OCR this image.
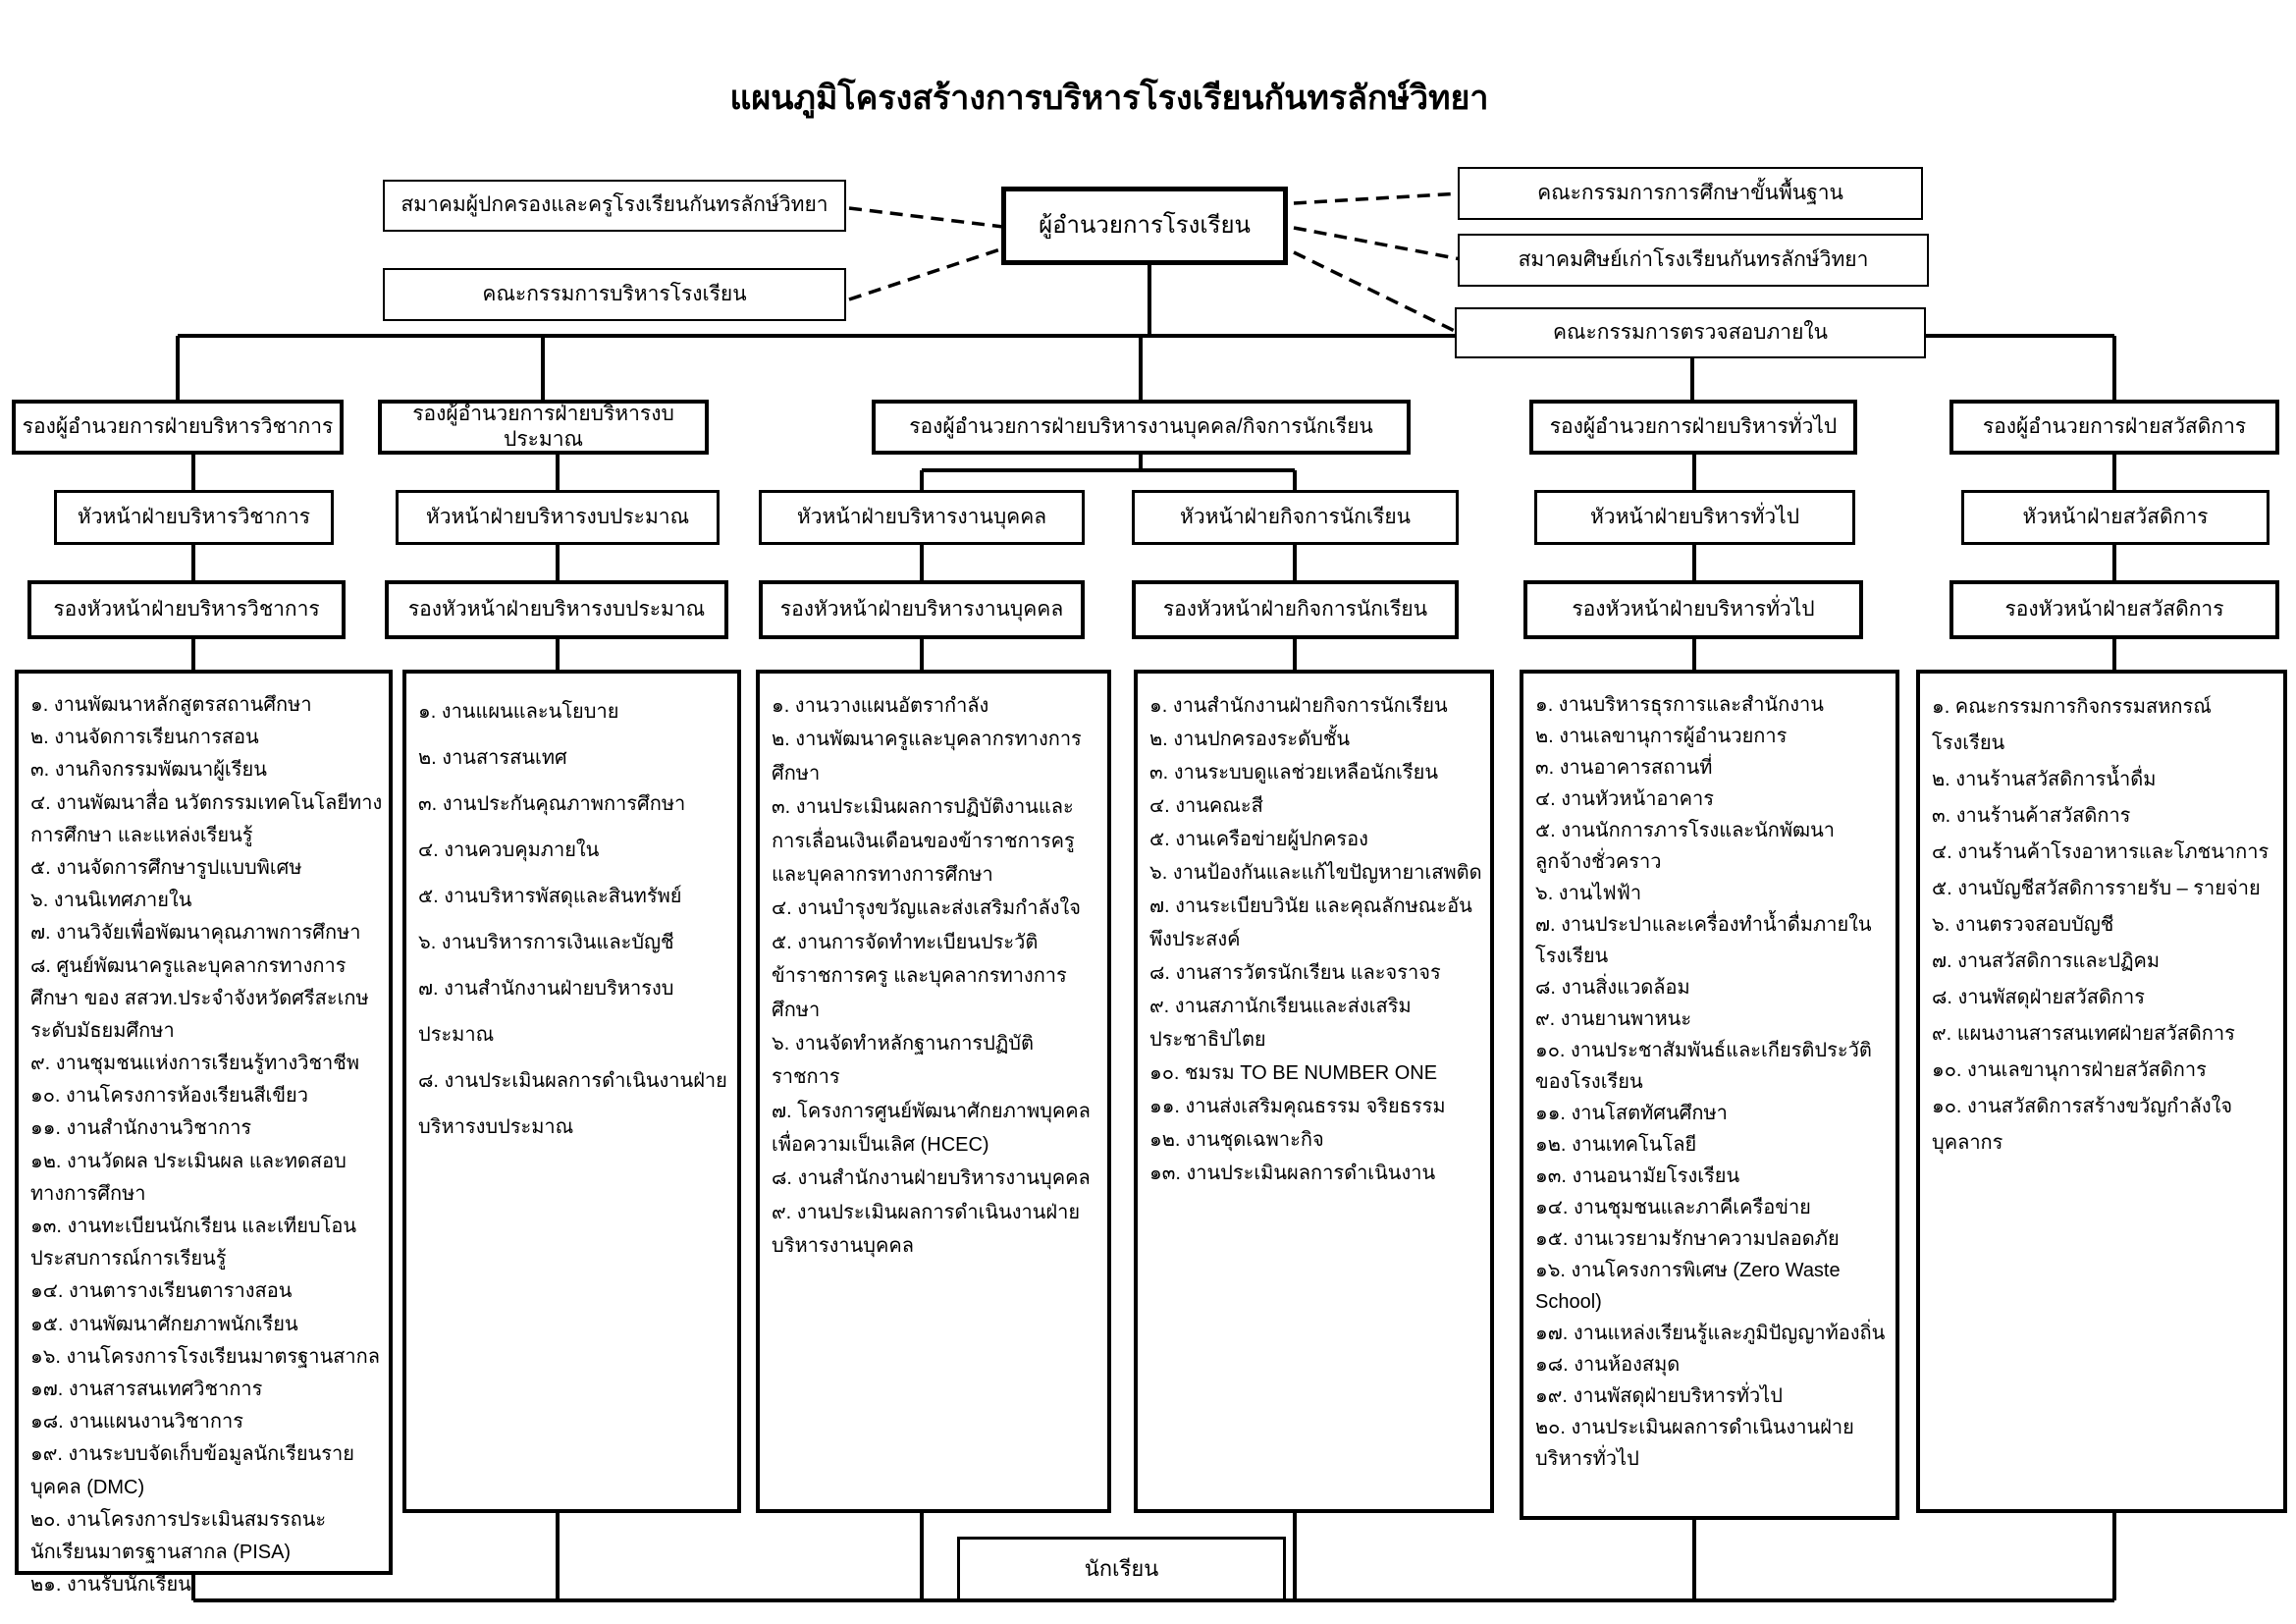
แผนภูมิโครงสร้างการบริหารโรงเรียนกันทรลักษ์วิทยา
สมาคมผู้ปกครองและครูโรงเรียนกันทรลักษ์วิทยา
คณะกรรมการบริหารโรงเรียน
ผู้อำนวยการโรงเรียน
คณะกรรมการการศึกษาขั้นพื้นฐาน
สมาคมศิษย์เก่าโรงเรียนกันทรลักษ์วิทยา
คณะกรรมการตรวจสอบภายใน
รองผู้อำนวยการฝ่ายบริหารวิชาการ
รองผู้อำนวยการฝ่ายบริหารงบประมาณ
รองผู้อำนวยการฝ่ายบริหารงานบุคคล/กิจการนักเรียน	รองผู้อำนวยการฝ่ายบริหารทั่วไป	รองผู้อำนวยการฝ่ายสวัสดิการ
หัวหน้าฝ่ายบริหารวิชาการ	หัวหน้าฝ่ายบริหารงบประมาณ	หัวหน้าฝ่ายบริหารงานบุคคล	หัวหน้าฝ่ายกิจการนักเรียน	หัวหน้าฝ่ายบริหารทั่วไป	หัวหน้าฝ่ายสวัสดิการ
รองหัวหน้าฝ่ายบริหารวิชาการ	รองหัวหน้าฝ่ายบริหารงบประมาณ	รองหัวหน้าฝ่ายบริหารงานบุคคล	รองหัวหน้าฝ่ายกิจการนักเรียน	รองหัวหน้าฝ่ายบริหารทั่วไป	รองหัวหน้าฝ่ายสวัสดิการ
๑. งานพัฒนาหลักสูตรสถานศึกษา
๒. งานจัดการเรียนการสอน
๓. งานกิจกรรมพัฒนาผู้เรียน
๔. งานพัฒนาสื่อ นวัตกรรมเทคโนโลยีทาง การศึกษา และแหล่งเรียนรู้
๕. งานจัดการศึกษารูปแบบพิเศษ
๖. งานนิเทศภายใน
๗. งานวิจัยเพื่อพัฒนาคุณภาพการศึกษา
๘. ศูนย์พัฒนาครูและบุคลากรทางการศึกษา ของ สสวท.ประจำจังหวัดศรีสะเกษ ระดับมัธยมศึกษา
๙. งานชุมชนแห่งการเรียนรู้ทางวิชาชีพ
๑๐. งานโครงการห้องเรียนสีเขียว
๑๑. งานสำนักงานวิชาการ
๑๒. งานวัดผล ประเมินผล และทดสอบทางการศึกษา
๑๓. งานทะเบียนนักเรียน และเทียบโอนประสบการณ์การเรียนรู้
๑๔. งานตารางเรียนตารางสอน
๑๕. งานพัฒนาศักยภาพนักเรียน
๑๖. งานโครงการโรงเรียนมาตรฐานสากล
๑๗. งานสารสนเทศวิชาการ
๑๘. งานแผนงานวิชาการ
๑๙. งานระบบจัดเก็บข้อมูลนักเรียนรายบุคคล (DMC)
๒๐. งานโครงการประเมินสมรรถนะนักเรียนมาตรฐานสากล (PISA)
๒๑. งานรับนักเรียน
๑. งานแผนและนโยบาย
๒. งานสารสนเทศ
๓. งานประกันคุณภาพการศึกษา
๔. งานควบคุมภายใน
๕. งานบริหารพัสดุและสินทรัพย์
๖. งานบริหารการเงินและบัญชี
๗. งานสำนักงานฝ่ายบริหารงบประมาณ
๘. งานประเมินผลการดำเนินงานฝ่ายบริหารงบประมาณ
๑. งานวางแผนอัตรากำลัง
๒. งานพัฒนาครูและบุคลากรทางการศึกษา
๓. งานประเมินผลการปฏิบัติงานและการเลื่อนเงินเดือนของข้าราชการครูและบุคลากรทางการศึกษา
๔. งานบำรุงขวัญและส่งเสริมกำลังใจ
๕. งานการจัดทำทะเบียนประวัติข้าราชการครู และบุคลากรทางการศึกษา
๖. งานจัดทำหลักฐานการปฏิบัติราชการ
๗. โครงการศูนย์พัฒนาศักยภาพบุคคลเพื่อความเป็นเลิศ (HCEC)
๘. งานสำนักงานฝ่ายบริหารงานบุคคล
๙. งานประเมินผลการดำเนินงานฝ่ายบริหารงานบุคคล
๑. งานสำนักงานฝ่ายกิจการนักเรียน
๒. งานปกครองระดับชั้น
๓. งานระบบดูแลช่วยเหลือนักเรียน
๔. งานคณะสี
๕. งานเครือข่ายผู้ปกครอง
๖. งานป้องกันและแก้ไขปัญหายาเสพติด
๗. งานระเบียบวินัย และคุณลักษณะอันพึงประสงค์
๘. งานสารวัตรนักเรียน และจราจร
๙. งานสภานักเรียนและส่งเสริมประชาธิปไตย
๑๐. ชมรม TO BE NUMBER ONE
๑๑. งานส่งเสริมคุณธรรม จริยธรรม
๑๒. งานชุดเฉพาะกิจ
๑๓. งานประเมินผลการดำเนินงาน
๑. งานบริหารธุรการและสำนักงาน
๒. งานเลขานุการผู้อำนวยการ
๓. งานอาคารสถานที่
๔. งานหัวหน้าอาคาร
๕. งานนักการภารโรงและนักพัฒนา ลูกจ้างชั่วคราว
๖. งานไฟฟ้า
๗. งานประปาและเครื่องทำน้ำดื่มภายในโรงเรียน
๘. งานสิ่งแวดล้อม
๙. งานยานพาหนะ
๑๐. งานประชาสัมพันธ์และเกียรติประวัติของโรงเรียน
๑๑. งานโสตทัศนศึกษา
๑๒. งานเทคโนโลยี
๑๓. งานอนามัยโรงเรียน
๑๔. งานชุมชนและภาคีเครือข่าย
๑๕. งานเวรยามรักษาความปลอดภัย
๑๖. งานโครงการพิเศษ (Zero Waste School)
๑๗. งานแหล่งเรียนรู้และภูมิปัญญาท้องถิ่น
๑๘. งานห้องสมุด
๑๙. งานพัสดุฝ่ายบริหารทั่วไป
๒๐. งานประเมินผลการดำเนินงานฝ่ายบริหารทั่วไป
๑. คณะกรรมการกิจกรรมสหกรณ์โรงเรียน
๒. งานร้านสวัสดิการน้ำดื่ม
๓. งานร้านค้าสวัสดิการ
๔. งานร้านค้าโรงอาหารและโภชนาการ
๕. งานบัญชีสวัสดิการรายรับ – รายจ่าย
๖. งานตรวจสอบบัญชี
๗. งานสวัสดิการและปฏิคม
๘. งานพัสดุฝ่ายสวัสดิการ
๙. แผนงานสารสนเทศฝ่ายสวัสดิการ
๑๐. งานเลขานุการฝ่ายสวัสดิการ
๑๐. งานสวัสดิการสร้างขวัญกำลังใจบุคลากร
นักเรียน
